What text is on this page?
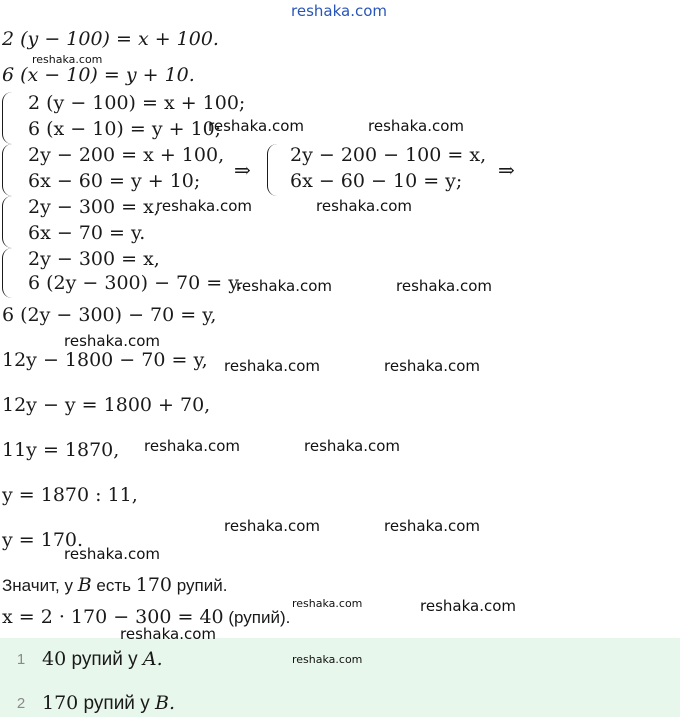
reshaka.com
2 (y − 100) = x + 100.
6 (x − 10) = y + 10.
reshaka.com
2 (y − 100) = x + 100;
6 (x − 10) = y + 10;
2y − 200 = x + 100,
6x − 60 = y + 10; ⇒
2y − 200 − 100 = x,
6x − 60 − 10 = y; ⇒
2y − 300 = x,
6x − 70 = y.
2y − 300 = x,
6 (2y − 300) − 70 = y.
reshaka.com	reshaka.com
reshaka.com	reshaka.com
reshaka.com	reshaka.com
6 (2y − 300) − 70 = y,
reshaka.com
12y − 1800 − 70 = y, reshaka.com	reshaka.com
12y − y = 1800 + 70,
11y = 1870, reshaka.com	reshaka.com
y = 1870 : 11,
y = 170.
reshaka.com	reshaka.com
reshaka.com
Значит, у B есть 170 рупий.
x = 2 · 170 − 300 = 40 (рупий).
reshaka.com	reshaka.com
1 40 рупий у A.
2 170 рупий у B.
reshaka.com
reshaka.com
